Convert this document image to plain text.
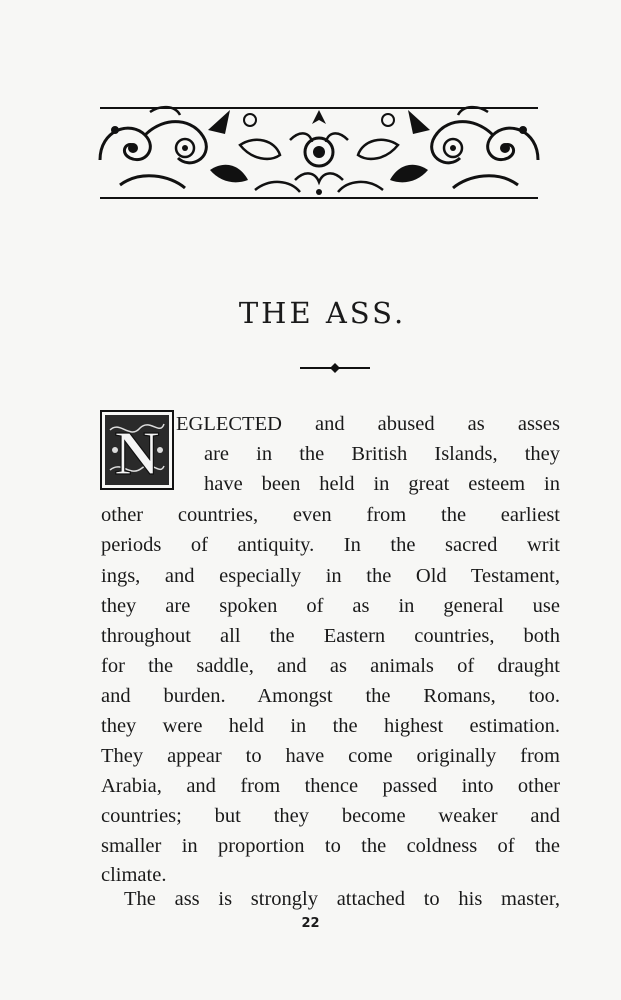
THE ASS.
N EGLECTED and abused as asses
are in the British Islands, they
have been held in great esteem in
other countries, even from the earliest
periods of antiquity. In the sacred writ
ings, and especially in the Old Testament,
they are spoken of as in general use
throughout all the Eastern countries, both
for the saddle, and as animals of draught
and burden. Amongst the Romans, too.
they were held in the highest estimation.
They appear to have come originally from
Arabia, and from thence passed into other
countries; but they become weaker and
smaller in proportion to the coldness of the
climate.
The ass is strongly attached to his master,
22
